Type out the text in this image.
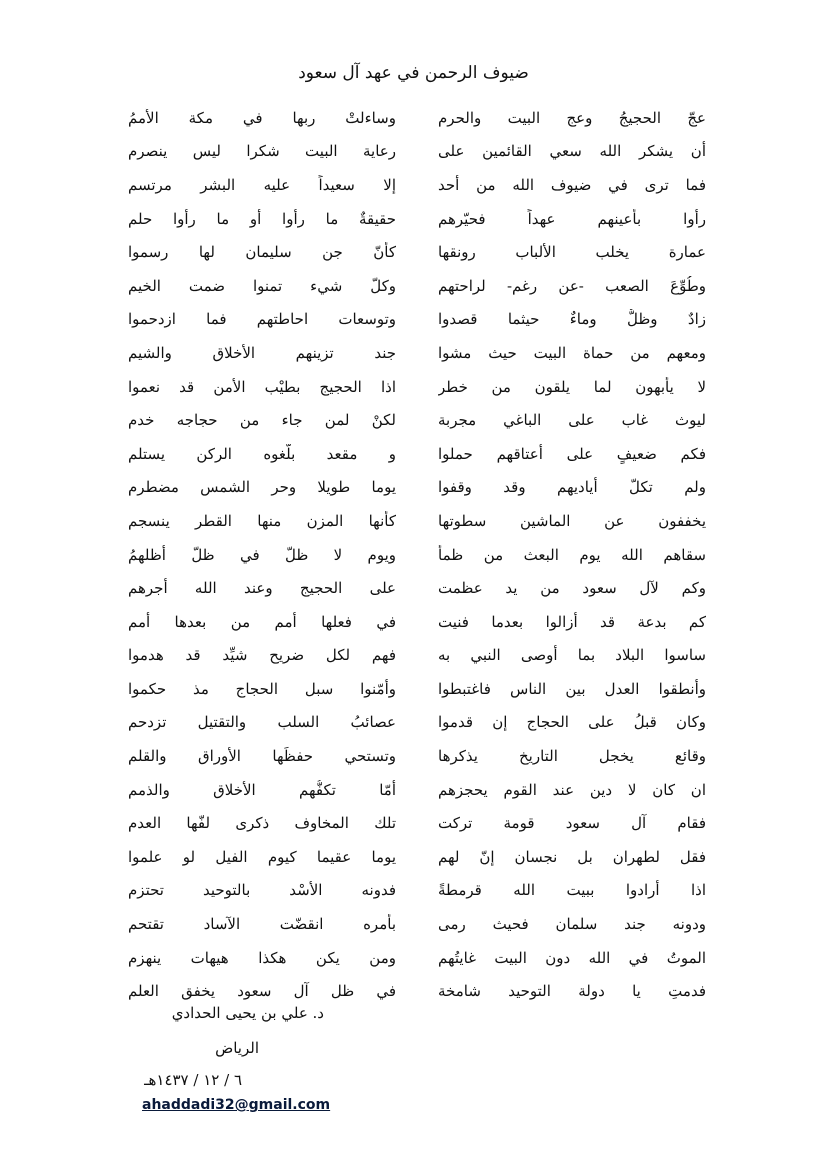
ضيوف الرحمن في عهد آل سعود
عجّ الحجيجُ وعج البيت والحرم
وساءلتْ ربها في مكة الأُممُ
أن يشكر الله سعي القائمين على
رعاية البيت شكرا ليس ينصرم
فما ترى في ضيوف الله من أحد
إلا سعيداً عليه البشر مرتسم
رأوا بأعينهم عهداً فحيّرهم
حقيقةٌ ما رأوا أو ما رأوا حلم
عمارة يخلب الألباب رونقها
كأنّ جن سليمان لها رسموا
وطُوِّعَ الصعب -عن رغم- لراحتهم
وكلّ شيء تمنوا ضمت الخيم
زادٌ وظلٌّ وماءٌ حيثما قصدوا
وتوسعات احاطتهم فما ازدحموا
ومعهم من حماة البيت حيث مشوا
جند تزينهم الأخلاق والشيم
لا يأبهون لما يلقون من خطر
اذا الحجيج بطيْب الأمن قد نعموا
ليوث غاب على الباغي مجربة
لكنْ لمن جاء من حجاجه خدم
فكم ضعيفٍ على أعتاقهم حملوا
و مقعد بلّغوه الركن يستلم
ولم تكلّ أياديهم وقد وقفوا
يوما طويلا وحر الشمس مضطرم
يخففون عن الماشين سطوتها
كأنها المزن منها القطر ينسجم
سقاهم الله يوم البعث من ظمأ
ويوم لا ظلّ في ظلّ أظلهمُ
وكم لآل سعود من يد عظمت
على الحجيج وعند الله أجرهم
كم بدعة قد أزالوا بعدما فنيت
في فعلها أمم من بعدها أمم
ساسوا البلاد بما أوصى النبي به
فهم لكل ضريح شيِّد قد هدموا
وأنطقوا العدل بين الناس فاغتبطوا
وأمّنوا سبل الحجاج مذ حكموا
وكان قبلُ على الحجاج إن قدموا
عصائبُ السلب والتقتيل تزدحم
وقائع يخجل التاريخ يذكرها
وتستحي حفظَها الأوراق والقلم
ان كان لا دين عند القوم يحجزهم
أمّا تكفُّهم الأخلاق والذمم
فقام آل سعود قومة تركت
تلك المخاوف ذكرى لفّها العدم
فقل لطهران بل نجسان إنّ لهم
يوما عقيما كيوم الفيل لو علموا
اذا أرادوا ببيت الله قرمطةً
فدونه الأُسْد بالتوحيد تحتزم
ودونه جند سلمان فحيث رمى
بأمره انقضّت الآساد تقتحم
الموتُ في الله دون البيت غايتُهم
ومن يكن هكذا هيهات ينهزم
فدمتِ يا دولة التوحيد شامخة
في ظل آل سعود يخفق العلم
د. علي بن يحيى الحدادي
الرياض
٦ / ١٢ / ١٤٣٧هـ
ahaddadi32@gmail.com
